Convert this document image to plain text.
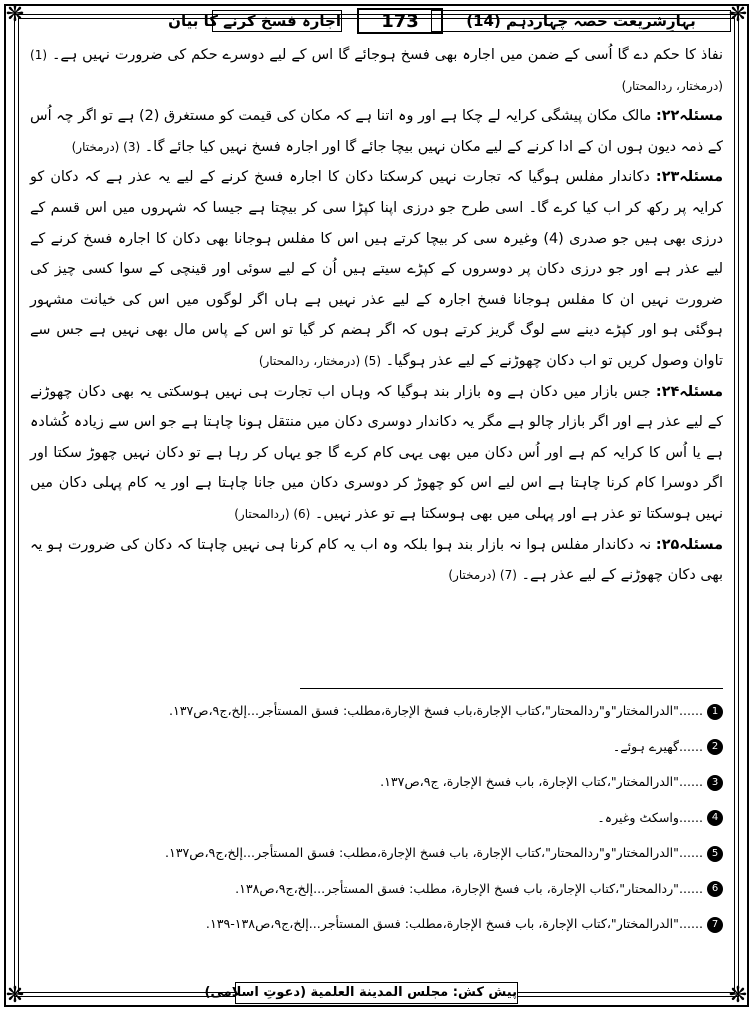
❋	❋
❋	❋
بہارِشریعت حصہ چہاردہم (14)
173
اجارہ فسخ کرنے کا بیان

نفاذ کا حکم دے گا اُسی کے ضمن میں اجارہ بھی فسخ ہوجائے گا اس کے لیے دوسرے حکم کی ضرورت نہیں ہے۔ (1) (درمختار، ردالمحتار)

مسئلہ۲۲: مالک مکان پیشگی کرایہ لے چکا ہے اور وہ اتنا ہے کہ مکان کی قیمت کو مستغرق (2) ہے تو اگر چہ اُس کے ذمہ دیون ہوں ان کے ادا کرنے کے لیے مکان نہیں بیچا جائے گا اور اجارہ فسخ نہیں کیا جائے گا۔ (3) (درمختار)

مسئلہ۲۳: دکاندار مفلس ہوگیا کہ تجارت نہیں کرسکتا دکان کا اجارہ فسخ کرنے کے لیے یہ عذر ہے کہ دکان کو کرایہ پر رکھ کر اب کیا کرے گا۔ اسی طرح جو درزی اپنا کپڑا سی کر بیچتا ہے جیسا کہ شہروں میں اس قسم کے درزی بھی ہیں جو صدری (4) وغیرہ سی کر بیچا کرتے ہیں اس کا مفلس ہوجانا بھی دکان کا اجارہ فسخ کرنے کے لیے عذر ہے اور جو درزی دکان پر دوسروں کے کپڑے سیتے ہیں اُن کے لیے سوئی اور قینچی کے سوا کسی چیز کی ضرورت نہیں ان کا مفلس ہوجانا فسخ اجارہ کے لیے عذر نہیں ہے ہاں اگر لوگوں میں اس کی خیانت مشہور ہوگئی ہو اور کپڑے دینے سے لوگ گریز کرتے ہوں کہ اگر ہضم کر گیا تو اس کے پاس مال بھی نہیں ہے جس سے تاوان وصول کریں تو اب دکان چھوڑنے کے لیے عذر ہوگیا۔ (5) (درمختار، ردالمحتار)

مسئلہ۲۴: جس بازار میں دکان ہے وہ بازار بند ہوگیا کہ وہاں اب تجارت ہی نہیں ہوسکتی یہ بھی دکان چھوڑنے کے لیے عذر ہے اور اگر بازار چالو ہے مگر یہ دکاندار دوسری دکان میں منتقل ہونا چاہتا ہے جو اس سے زیادہ کُشادہ ہے یا اُس کا کرایہ کم ہے اور اُس دکان میں بھی یہی کام کرے گا جو یہاں کر رہا ہے تو دکان نہیں چھوڑ سکتا اور اگر دوسرا کام کرنا چاہتا ہے اس لیے اس کو چھوڑ کر دوسری دکان میں جانا چاہتا ہے اور یہ کام پہلی دکان میں نہیں ہوسکتا تو عذر ہے اور پہلی میں بھی ہوسکتا ہے تو عذر نہیں۔ (6) (ردالمحتار)

مسئلہ۲۵: نہ دکاندار مفلس ہوا نہ بازار بند ہوا بلکہ وہ اب یہ کام کرنا ہی نہیں چاہتا کہ دکان کی ضرورت ہو یہ بھی دکان چھوڑنے کے لیے عذر ہے۔ (7) (درمختار)

1......"الدرالمختار"و"ردالمحتار"،کتاب الإجارة،باب فسخ الإجارة،مطلب: فسق المستأجر...إلخ،ج۹،ص۱۳۷.
2......گھیرے ہوئے۔
3......"الدرالمختار"،کتاب الإجارة، باب فسخ الإجارة، ج۹،ص۱۳۷.
4......واسکٹ وغیرہ۔
5......"الدرالمختار"و"ردالمحتار"،کتاب الإجارة، باب فسخ الإجارة،مطلب: فسق المستأجر...إلخ،ج۹،ص۱۳۷.
6......"ردالمحتار"،کتاب الإجارة، باب فسخ الإجارة، مطلب: فسق المستأجر...إلخ،ج۹،ص۱۳۸.
7......"الدرالمختار"،کتاب الإجارة، باب فسخ الإجارة،مطلب: فسق المستأجر...إلخ،ج۹،ص۱۳۸-۱۳۹.
پیش کش: مجلس المدینة العلمیة (دعوتِ اسلامی)
